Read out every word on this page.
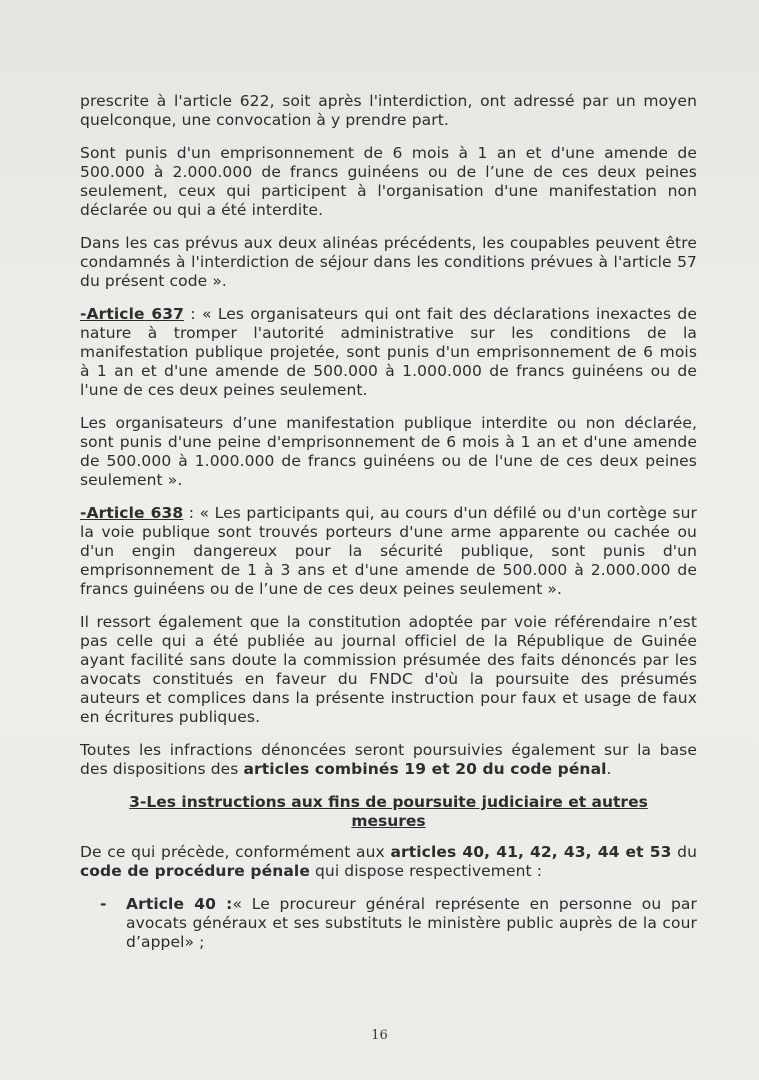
prescrite à l'article 622, soit après l'interdiction, ont adressé par un moyen quelconque, une convocation à y prendre part.

Sont punis d'un emprisonnement de 6 mois à 1 an et d'une amende de 500.000 à 2.000.000 de francs guinéens ou de l’une de ces deux peines seulement, ceux qui participent à l'organisation d'une manifestation non déclarée ou qui a été interdite.

Dans les cas prévus aux deux alinéas précédents, les coupables peuvent être condamnés à l'interdiction de séjour dans les conditions prévues à l'article 57 du présent code ».

-Article 637 : « Les organisateurs qui ont fait des déclarations inexactes de nature à tromper l'autorité administrative sur les conditions de la manifestation publique projetée, sont punis d'un emprisonnement de 6 mois à 1 an et d'une amende de 500.000 à 1.000.000 de francs guinéens ou de l'une de ces deux peines seulement.

Les organisateurs d’une manifestation publique interdite ou non déclarée, sont punis d'une peine d'emprisonnement de 6 mois à 1 an et d'une amende de 500.000 à 1.000.000 de francs guinéens ou de l'une de ces deux peines seulement ».

-Article 638 : « Les participants qui, au cours d'un défilé ou d'un cortège sur la voie publique sont trouvés porteurs d'une arme apparente ou cachée ou d'un engin dangereux pour la sécurité publique, sont punis d'un emprisonnement de 1 à 3 ans et d'une amende de 500.000 à 2.000.000 de francs guinéens ou de l’une de ces deux peines seulement ».

Il ressort également que la constitution adoptée par voie référendaire n’est pas celle qui a été publiée au journal officiel de la République de Guinée ayant facilité sans doute la commission présumée des faits dénoncés par les avocats constitués en faveur du FNDC d'où la poursuite des présumés auteurs et complices dans la présente instruction pour faux et usage de faux en écritures publiques.

Toutes les infractions dénoncées seront poursuivies également sur la base des dispositions des articles combinés 19 et 20 du code pénal.

3-Les instructions aux fins de poursuite judiciaire et autres mesures

De ce qui précède, conformément aux articles 40, 41, 42, 43, 44 et 53 du code de procédure pénale qui dispose respectivement :

-	Article 40 :« Le procureur général représente en personne ou par avocats généraux et ses substituts le ministère public auprès de la cour d’appel» ;
16
